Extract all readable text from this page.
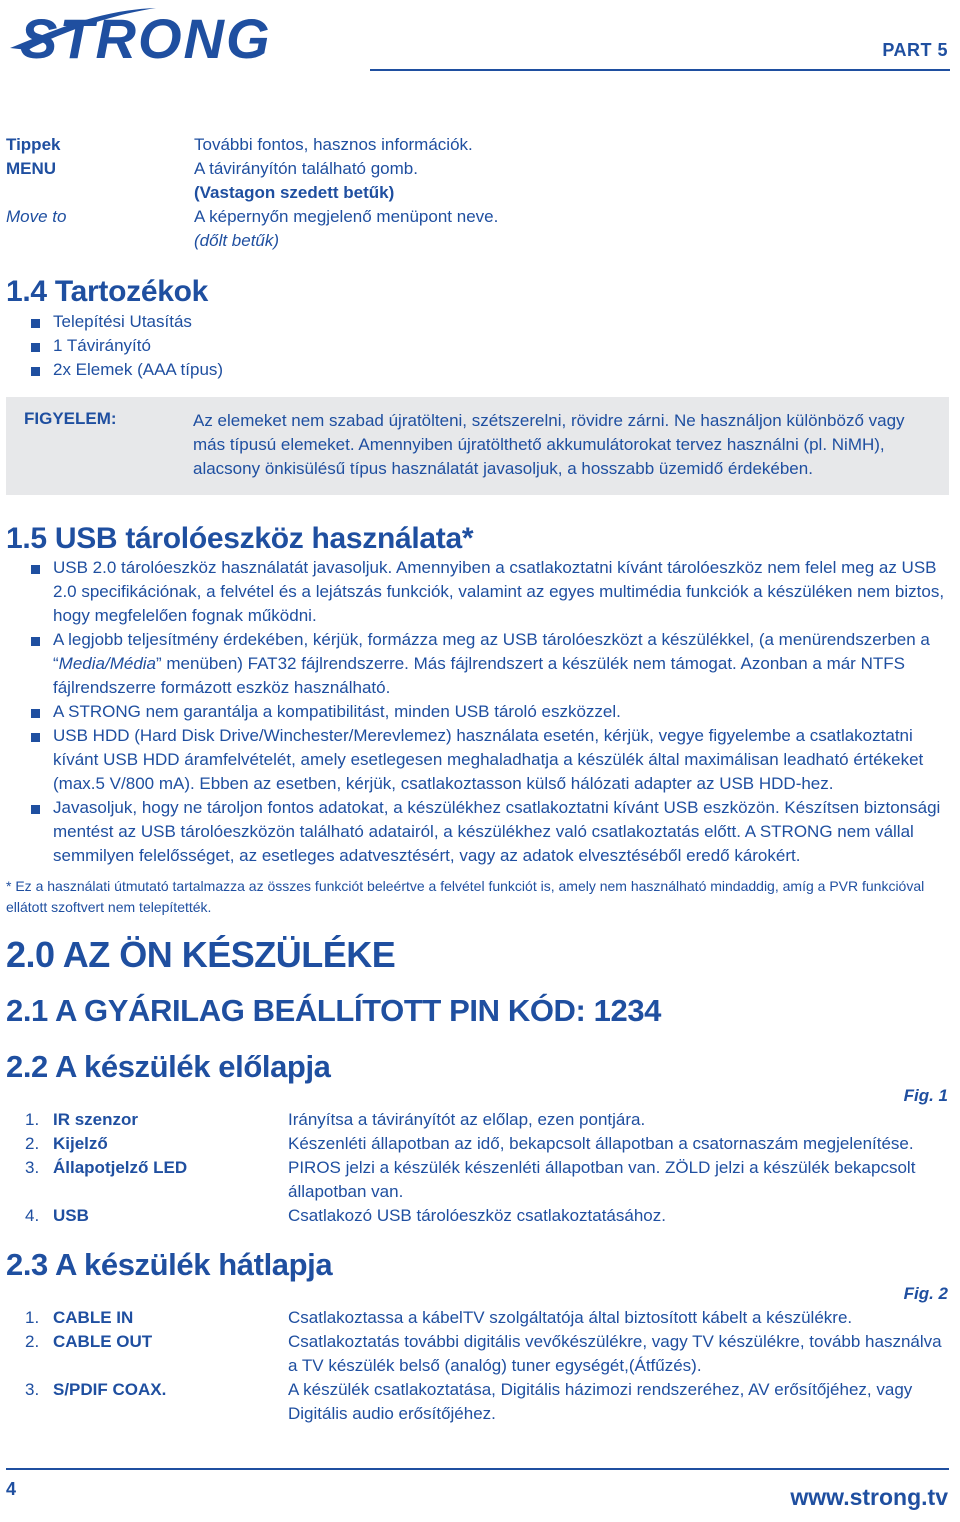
STRONG	PART 5
Tippek	További fontos, hasznos információk.
MENU	A távirányítón található gomb.
(Vastagon szedett betűk)
Move to	A képernyőn megjelenő menüpont neve.
(dőlt betűk)
1.4 Tartozékok
Telepítési Utasítás
1 Távirányító
2x Elemek (AAA típus)
FIGYELEM:	Az elemeket nem szabad újratölteni, szétszerelni, rövidre zárni. Ne használjon különböző vagy más típusú elemeket. Amennyiben újratölthető akkumulátorokat tervez használni (pl. NiMH), alacsony önkisülésű típus használatát javasoljuk, a hosszabb üzemidő érdekében.
1.5 USB tárolóeszköz használata*
USB 2.0 tárolóeszköz használatát javasoljuk. Amennyiben a csatlakoztatni kívánt tárolóeszköz nem felel meg az USB 2.0 specifikációnak, a felvétel és a lejátszás funkciók, valamint az egyes multimédia funkciók a készüléken nem biztos, hogy megfelelően fognak működni.
A legjobb teljesítmény érdekében, kérjük, formázza meg az USB tárolóeszközt a készülékkel, (a menürendszerben a “Media/Média” menüben) FAT32 fájlrendszerre. Más fájlrendszert a készülék nem támogat. Azonban a már NTFS fájlrendszerre formázott eszköz használható.
A STRONG nem garantálja a kompatibilitást, minden USB tároló eszközzel.
USB HDD (Hard Disk Drive/Winchester/Merevlemez) használata esetén, kérjük, vegye figyelembe a csatlakoztatni kívánt USB HDD áramfelvételét, amely esetlegesen meghaladhatja a készülék által maximálisan leadható értékeket (max.5 V/800 mA). Ebben az esetben, kérjük, csatlakoztasson külső hálózati adapter az USB HDD-hez.
Javasoljuk, hogy ne tároljon fontos adatokat, a készülékhez csatlakoztatni kívánt USB eszközön. Készítsen biztonsági mentést az USB tárolóeszközön található adatairól, a készülékhez való csatlakoztatás előtt. A STRONG nem vállal semmilyen felelősséget, az esetleges adatvesztésért, vagy az adatok elvesztéséből eredő károkért.
* Ez a használati útmutató tartalmazza az összes funkciót beleértve a felvétel funkciót is, amely nem használható mindaddig, amíg a PVR funkcióval ellátott szoftvert nem telepítették.
2.0 AZ ÖN KÉSZÜLÉKE
2.1 A GYÁRILAG BEÁLLÍTOTT PIN KÓD: 1234
2.2 A készülék előlapja
Fig. 1
1. IR szenzor	Irányítsa a távirányítót az előlap, ezen pontjára.
2. Kijelző	Készenléti állapotban az idő, bekapcsolt állapotban a csatornaszám megjelenítése.
3. Állapotjelző LED	PIROS jelzi a készülék készenléti állapotban van. ZÖLD jelzi a készülék bekapcsolt állapotban van.
4. USB	Csatlakozó USB tárolóeszköz csatlakoztatásához.
2.3 A készülék hátlapja
Fig. 2
1. CABLE IN	Csatlakoztassa a kábelTV szolgáltatója által biztosított kábelt a készülékre.
2. CABLE OUT	Csatlakoztatás további digitális vevőkészülékre, vagy TV készülékre, tovább használva a TV készülék belső (analóg) tuner egységét,(Átfűzés).
3. S/PDIF COAX.	A készülék csatlakoztatása, Digitális házimozi rendszeréhez, AV erősítőjéhez, vagy Digitális audio erősítőjéhez.
4	www.strong.tv
